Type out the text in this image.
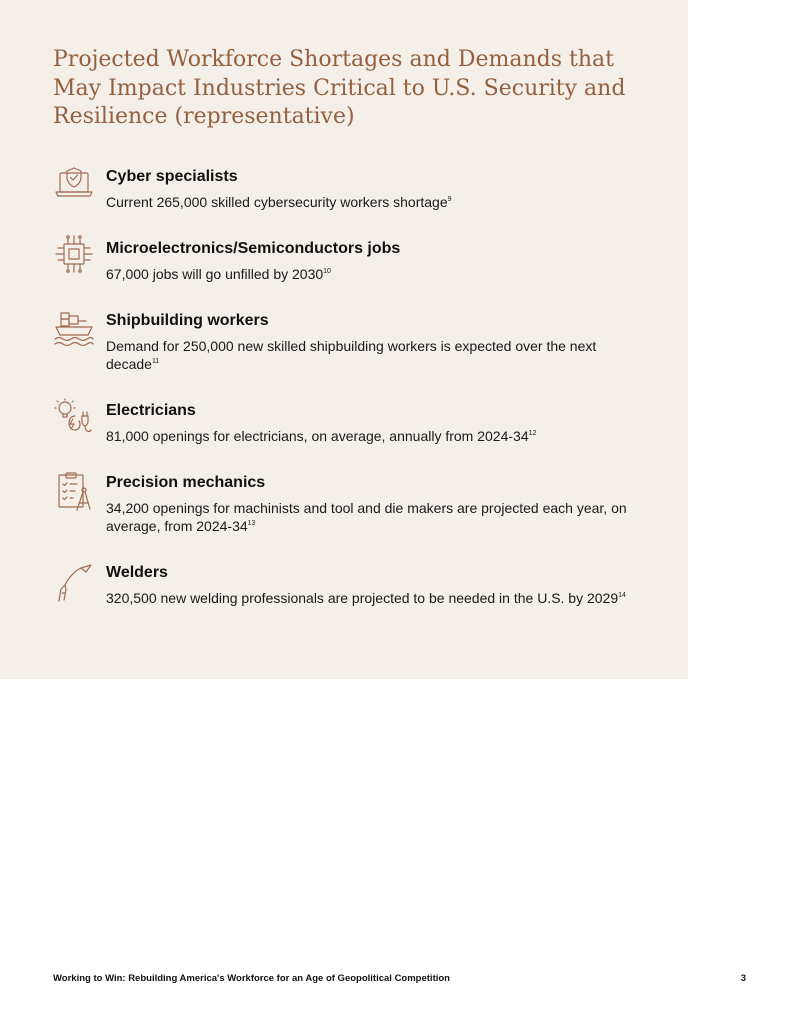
Projected Workforce Shortages and Demands that May Impact Industries Critical to U.S. Security and Resilience (representative)
Cyber specialists

Current 265,000 skilled cybersecurity workers shortage$^9$

Microelectronics/Semiconductors jobs

67,000 jobs will go unfilled by 2030$^{10}$

Shipbuilding workers

Demand for 250,000 new skilled shipbuilding workers is expected over the next decade$^{11}$

Electricians

81,000 openings for electricians, on average, annually from $2024-34^{12}$

Precision mechanics

34,200 openings for machinists and tool and die makers are projected each year, on average, from $2024-34^{13}$

Welders

320,500 new welding professionals are projected to be needed in the U.S. by 2029$^{14}$

Working to Win: Rebuilding America's Workforce for an Age of Geopolitical Competition	3
